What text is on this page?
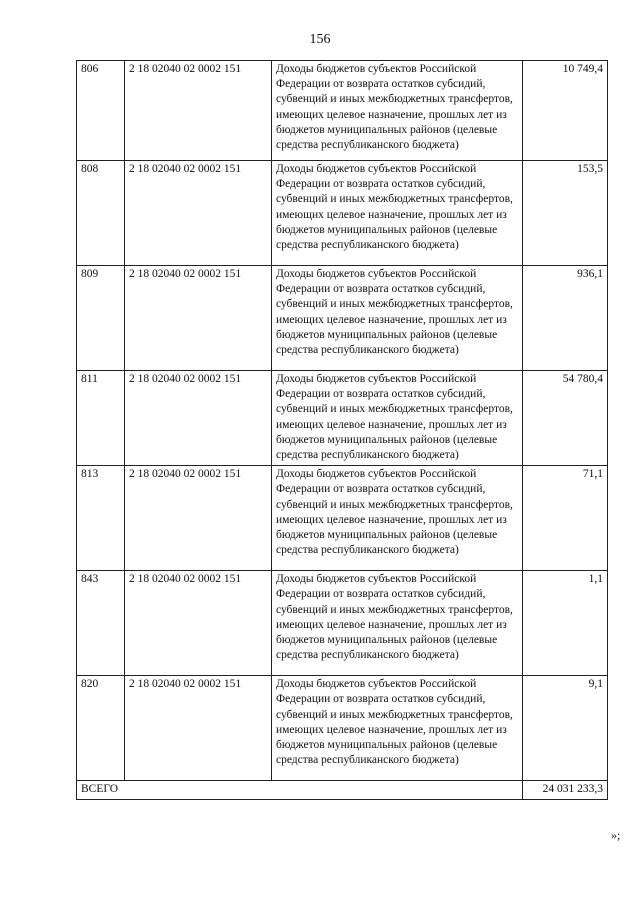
156
806	2 18 02040 02 0002 151	Доходы бюджетов субъектов Российской Федерации от возврата остатков субсидий, субвенций и иных межбюджетных трансфертов, имеющих целевое назначение, прошлых лет из бюджетов муниципальных районов (целевые средства республиканского бюджета)	10 749,4
808	2 18 02040 02 0002 151	Доходы бюджетов субъектов Российской Федерации от возврата остатков субсидий, субвенций и иных межбюджетных трансфертов, имеющих целевое назначение, прошлых лет из бюджетов муниципальных районов (целевые средства республиканского бюджета)	153,5
809	2 18 02040 02 0002 151	Доходы бюджетов субъектов Российской Федерации от возврата остатков субсидий, субвенций и иных межбюджетных трансфертов, имеющих целевое назначение, прошлых лет из бюджетов муниципальных районов (целевые средства республиканского бюджета)	936,1
811	2 18 02040 02 0002 151	Доходы бюджетов субъектов Российской Федерации от возврата остатков субсидий, субвенций и иных межбюджетных трансфертов, имеющих целевое назначение, прошлых лет из бюджетов муниципальных районов (целевые средства республиканского бюджета)	54 780,4
813	2 18 02040 02 0002 151	Доходы бюджетов субъектов Российской Федерации от возврата остатков субсидий, субвенций и иных межбюджетных трансфертов, имеющих целевое назначение, прошлых лет из бюджетов муниципальных районов (целевые средства республиканского бюджета)	71,1
843	2 18 02040 02 0002 151	Доходы бюджетов субъектов Российской Федерации от возврата остатков субсидий, субвенций и иных межбюджетных трансфертов, имеющих целевое назначение, прошлых лет из бюджетов муниципальных районов (целевые средства республиканского бюджета)	1,1
820	2 18 02040 02 0002 151	Доходы бюджетов субъектов Российской Федерации от возврата остатков субсидий, субвенций и иных межбюджетных трансфертов, имеющих целевое назначение, прошлых лет из бюджетов муниципальных районов (целевые средства республиканского бюджета)	9,1
ВСЕГО			24 031 233,3
»;
